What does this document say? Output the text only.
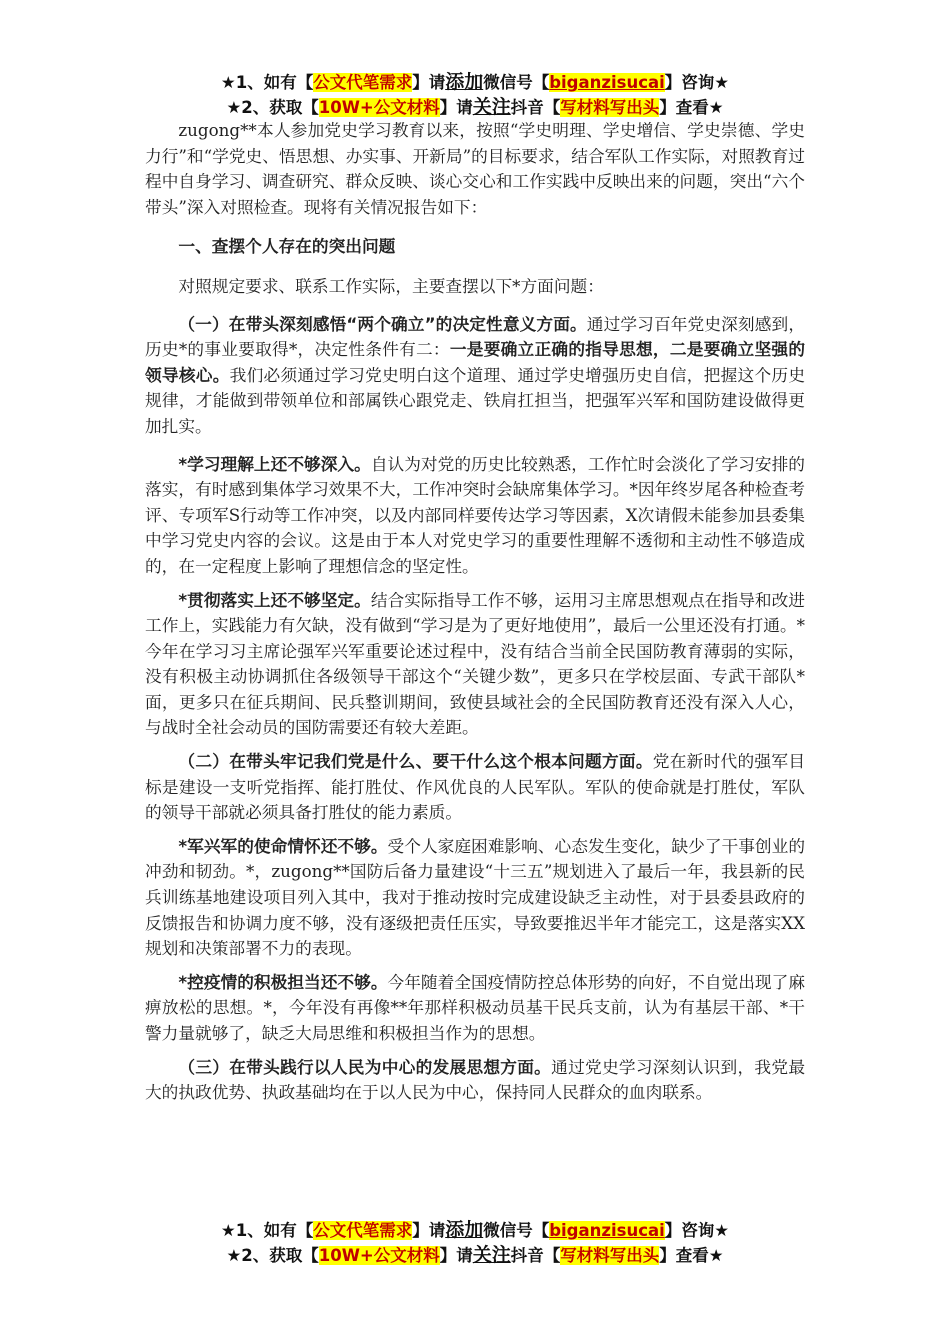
★1、如有【公文代笔需求】请添加微信号【biganzisucai】咨询★
★2、获取【10W+公文材料】请关注抖音【写材料写出头】查看★

zugong**本人参加党史学习教育以来，按照“学史明理、学史增信、学史崇德、学史力行”和“学党史、悟思想、办实事、开新局”的目标要求，结合军队工作实际，对照教育过程中自身学习、调查研究、群众反映、谈心交心和工作实践中反映出来的问题，突出“六个带头”深入对照检查。现将有关情况报告如下：

一、查摆个人存在的突出问题

对照规定要求、联系工作实际，主要查摆以下*方面问题：

（一）在带头深刻感悟“两个确立”的决定性意义方面。通过学习百年党史深刻感到，历史*的事业要取得*，决定性条件有二：一是要确立正确的指导思想，二是要确立坚强的领导核心。我们必须通过学习党史明白这个道理、通过学史增强历史自信，把握这个历史规律，才能做到带领单位和部属铁心跟党走、铁肩扛担当，把强军兴军和国防建设做得更加扎实。

*学习理解上还不够深入。自认为对党的历史比较熟悉，工作忙时会淡化了学习安排的落实，有时感到集体学习效果不大，工作冲突时会缺席集体学习。*因年终岁尾各种检查考评、专项军S行动等工作冲突，以及内部同样要传达学习等因素，X次请假未能参加县委集中学习党史内容的会议。这是由于本人对党史学习的重要性理解不透彻和主动性不够造成的，在一定程度上影响了理想信念的坚定性。

*贯彻落实上还不够坚定。结合实际指导工作不够，运用习主席思想观点在指导和改进工作上，实践能力有欠缺，没有做到“学习是为了更好地使用”，最后一公里还没有打通。*今年在学习习主席论强军兴军重要论述过程中，没有结合当前全民国防教育薄弱的实际，没有积极主动协调抓住各级领导干部这个“关键少数”，更多只在学校层面、专武干部队*面，更多只在征兵期间、民兵整训期间，致使县域社会的全民国防教育还没有深入人心，与战时全社会动员的国防需要还有较大差距。

（二）在带头牢记我们党是什么、要干什么这个根本问题方面。党在新时代的强军目标是建设一支听党指挥、能打胜仗、作风优良的人民军队。军队的使命就是打胜仗，军队的领导干部就必须具备打胜仗的能力素质。

*军兴军的使命情怀还不够。受个人家庭困难影响、心态发生变化，缺少了干事创业的冲劲和韧劲。*，zugong**国防后备力量建设“十三五”规划进入了最后一年，我县新的民兵训练基地建设项目列入其中，我对于推动按时完成建设缺乏主动性，对于县委县政府的反馈报告和协调力度不够，没有逐级把责任压实，导致要推迟半年才能完工，这是落实XX规划和决策部署不力的表现。

*控疫情的积极担当还不够。今年随着全国疫情防控总体形势的向好，不自觉出现了麻痹放松的思想。*，今年没有再像**年那样积极动员基干民兵支前，认为有基层干部、*干警力量就够了，缺乏大局思维和积极担当作为的思想。

（三）在带头践行以人民为中心的发展思想方面。通过党史学习深刻认识到，我党最大的执政优势、执政基础均在于以人民为中心，保持同人民群众的血肉联系。

★1、如有【公文代笔需求】请添加微信号【biganzisucai】咨询★
★2、获取【10W+公文材料】请关注抖音【写材料写出头】查看★
